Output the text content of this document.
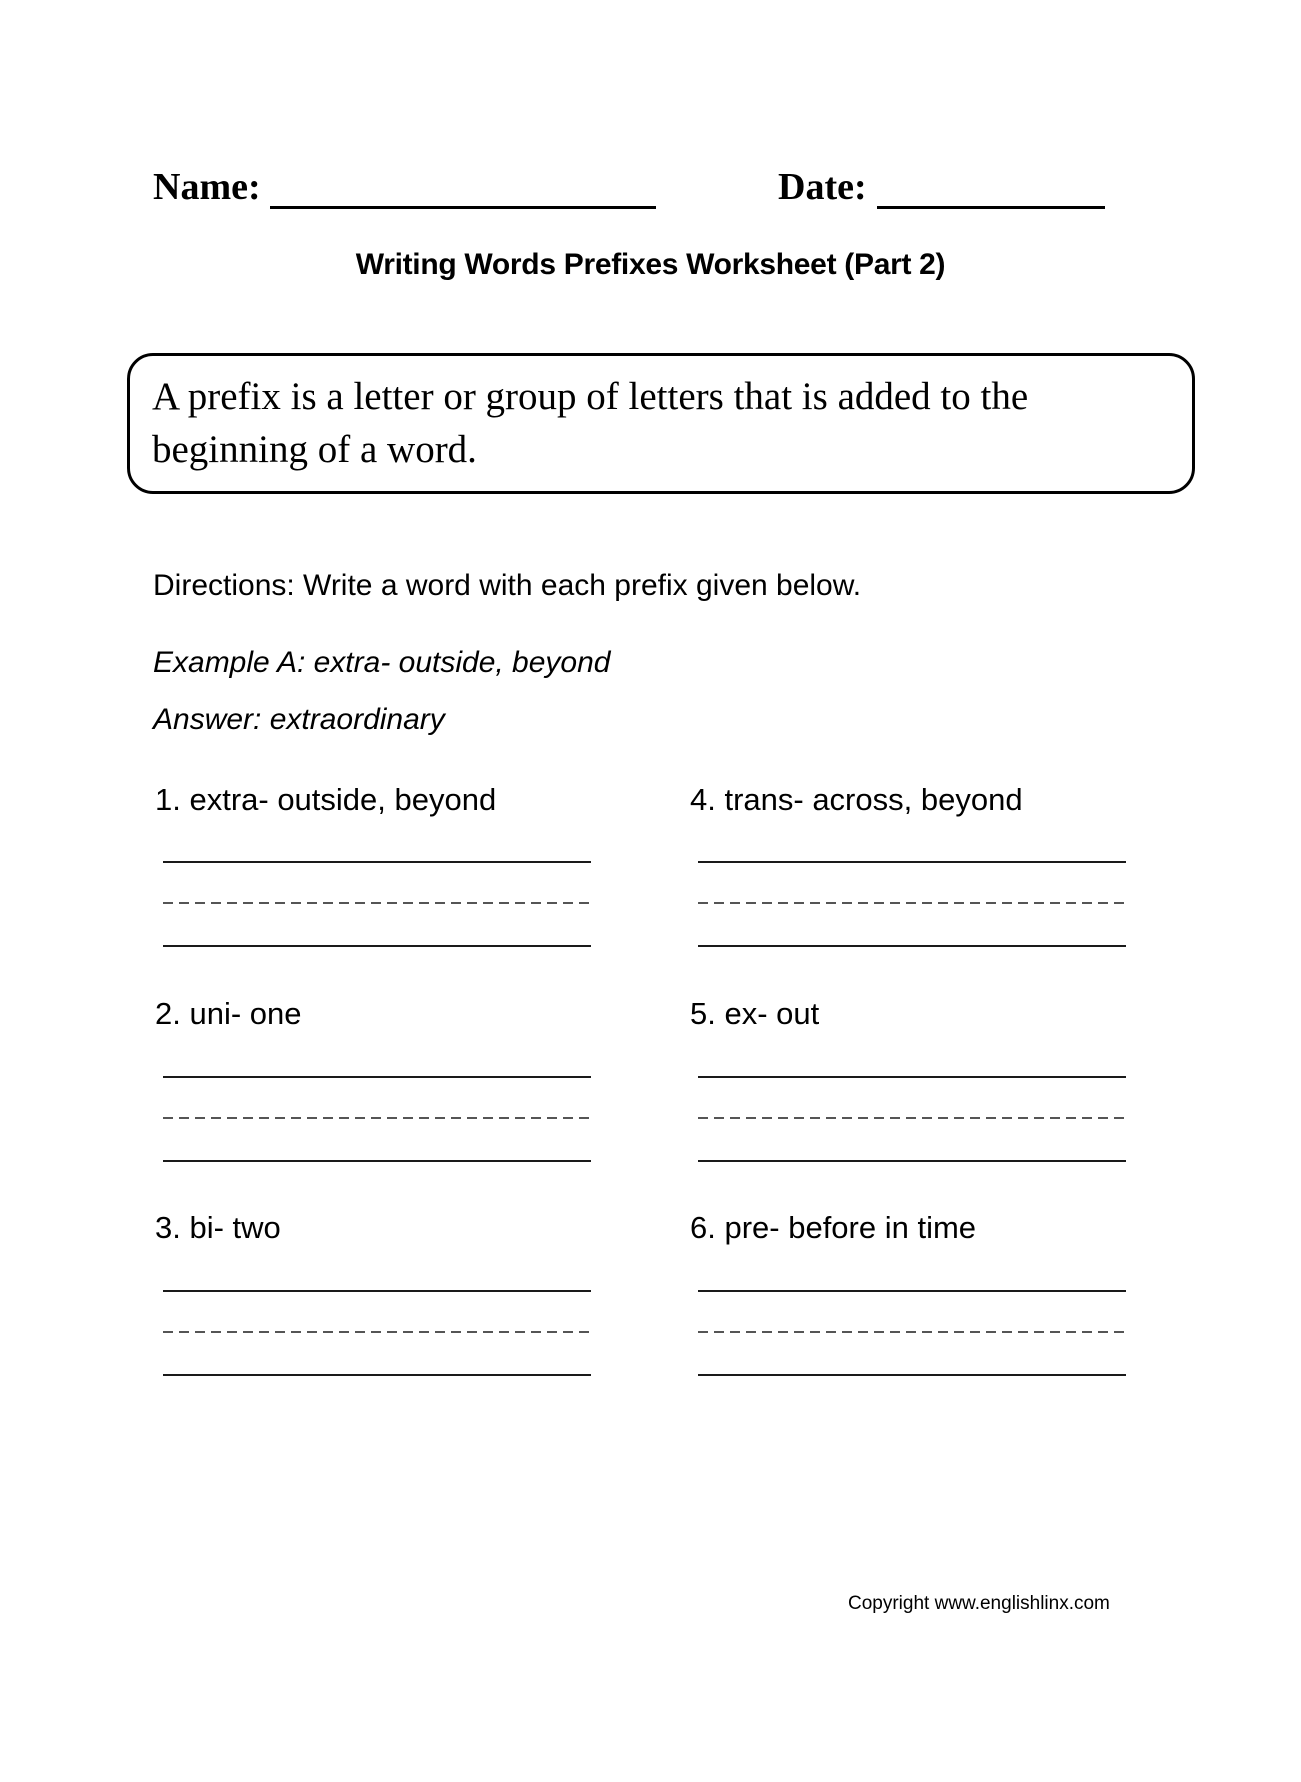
Name:	Date:
Writing Words Prefixes Worksheet (Part 2)
A prefix is a letter or group of letters that is added to the beginning of a word.
Directions: Write a word with each prefix given below.
Example A: extra- outside, beyond
Answer: extraordinary
1. extra- outside, beyond
2. uni- one
3. bi- two
4. trans- across, beyond
5. ex- out
6. pre- before in time
Copyright www.englishlinx.com
